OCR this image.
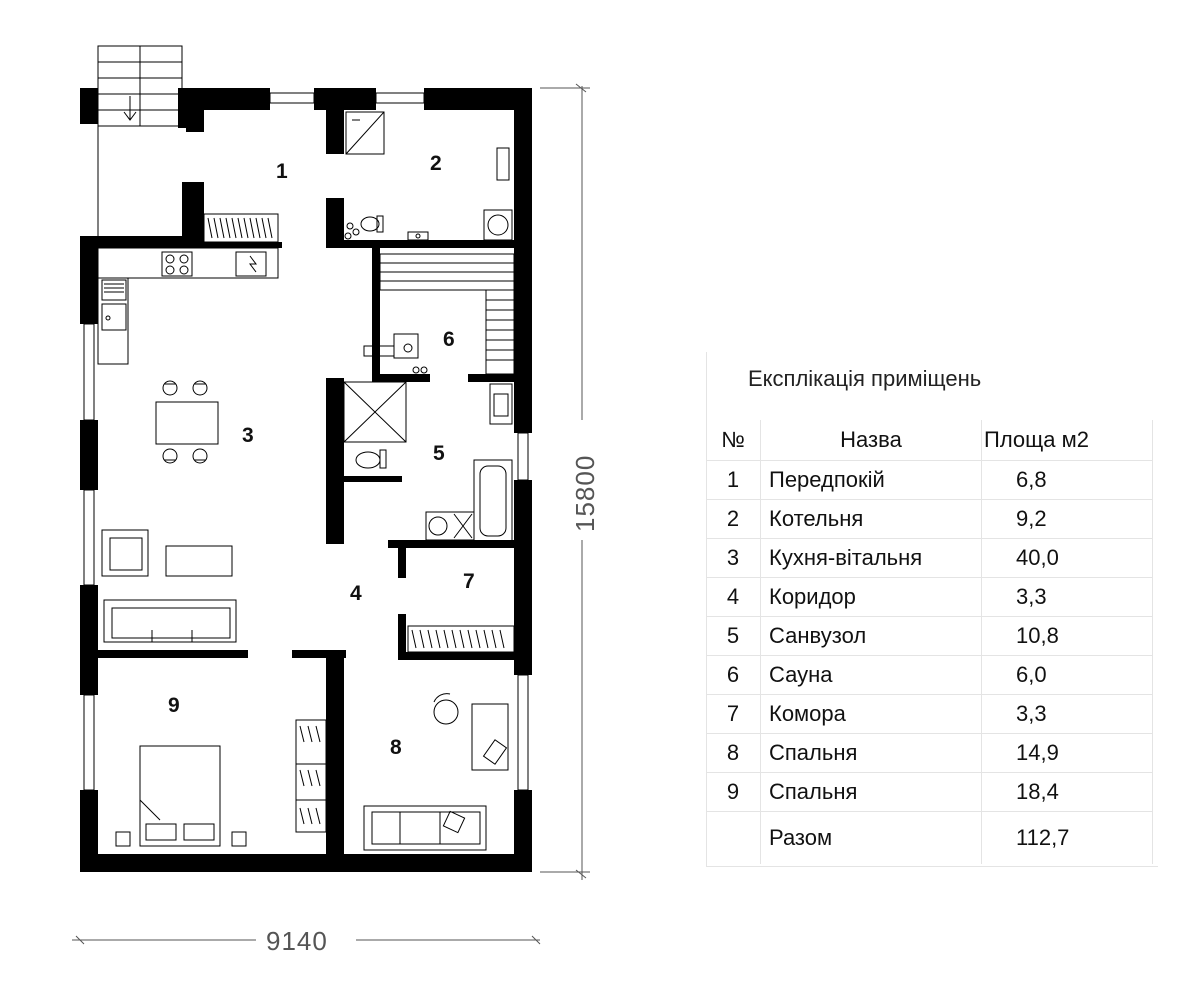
1	2
3
4
5
6
7
8
9
9140
15800
Експлікація приміщень
№	Назва	Площа м2
1	Передпокій	6,8
2	Котельня	9,2
3	Кухня-вітальня	40,0
4	Коридор	3,3
5	Санвузол	10,8
6	Сауна	6,0
7	Комора	3,3
8	Спальня	14,9
9	Спальня	18,4
	Разом	112,7
